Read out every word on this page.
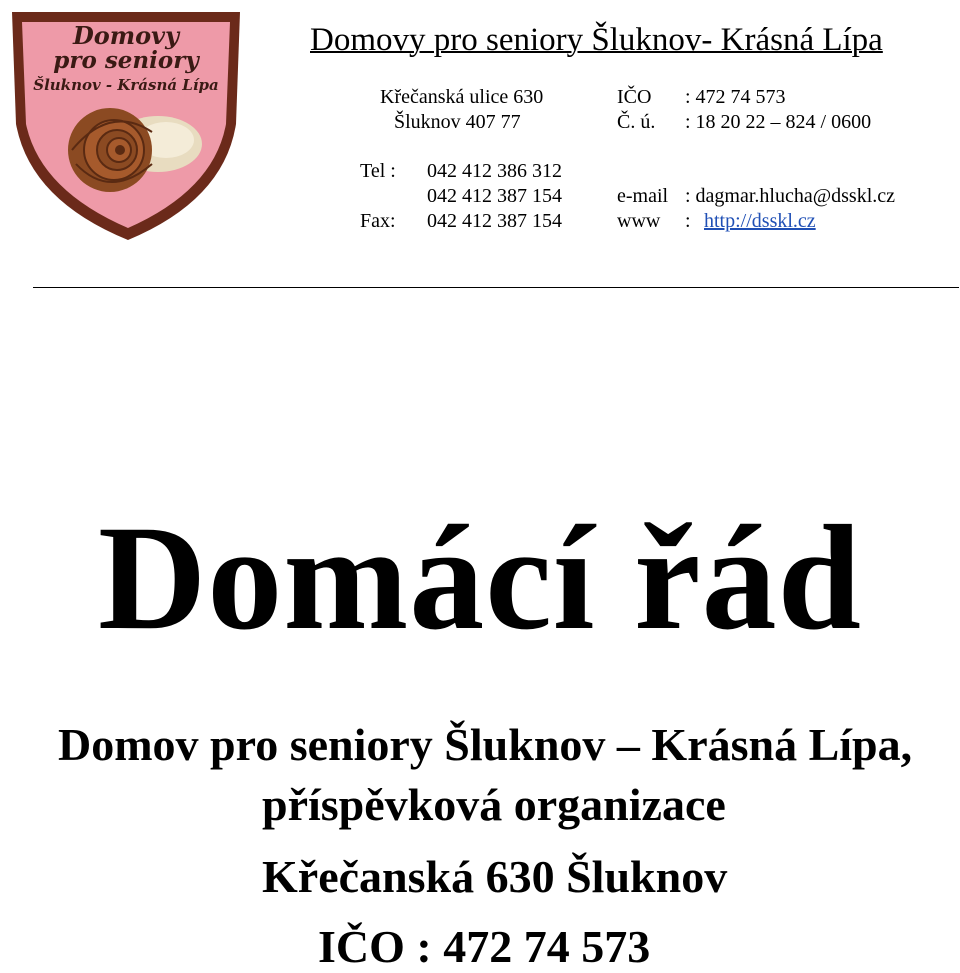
Domovy
pro seniory
Šluknov - Krásná Lípa
Domovy pro seniory Šluknov- Krásná Lípa
Křečanská ulice 630
Šluknov 407 77
IČO : 472 74 573
Č. ú. : 18 20 22 – 824 / 0600
Tel : 042 412 386 312
042 412 387 154
Fax: 042 412 387 154
e-mail : dagmar.hlucha@dsskl.cz
www : http://dsskl.cz
Domácí řád
Domov pro seniory Šluknov – Krásná Lípa,
příspěvková organizace
Křečanská 630 Šluknov
IČO : 472 74 573
